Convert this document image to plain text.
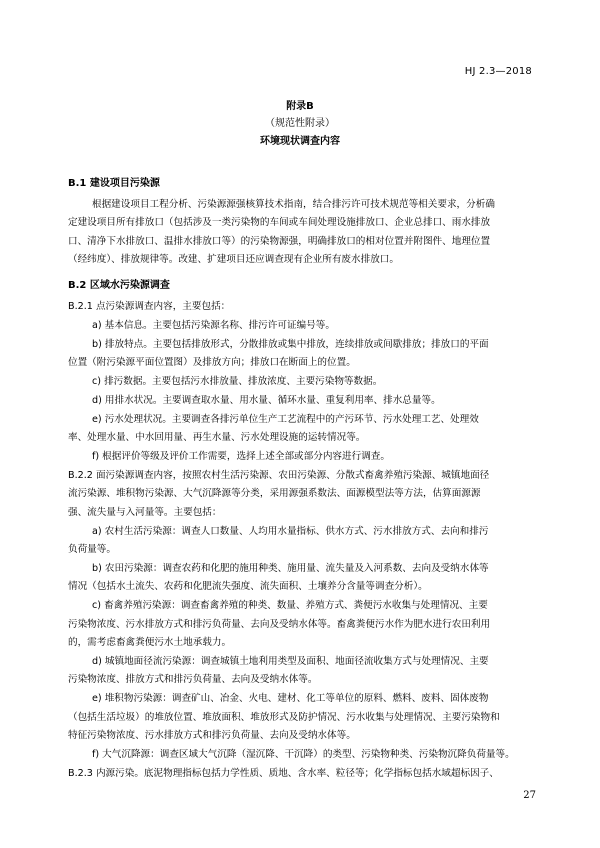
HJ 2.3—2018
附录B
（规范性附录）
环境现状调查内容
B.1 建设项目污染源
根据建设项目工程分析、污染源源强核算技术指南，结合排污许可技术规范等相关要求，分析确
定建设项目所有排放口（包括涉及一类污染物的车间或车间处理设施排放口、企业总排口、雨水排放
口、清净下水排放口、温排水排放口等）的污染物源强，明确排放口的相对位置并附图件、地理位置
（经纬度）、排放规律等。改建、扩建项目还应调查现有企业所有废水排放口。
B.2 区域水污染源调查
B.2.1 点污染源调查内容，主要包括：
a) 基本信息。主要包括污染源名称、排污许可证编号等。
b) 排放特点。主要包括排放形式，分散排放或集中排放，连续排放或间歇排放；排放口的平面
位置（附污染源平面位置图）及排放方向；排放口在断面上的位置。
c) 排污数据。主要包括污水排放量、排放浓度、主要污染物等数据。
d) 用排水状况。主要调查取水量、用水量、循环水量、重复利用率、排水总量等。
e) 污水处理状况。主要调查各排污单位生产工艺流程中的产污环节、污水处理工艺、处理效
率、处理水量、中水回用量、再生水量、污水处理设施的运转情况等。
f) 根据评价等级及评价工作需要，选择上述全部或部分内容进行调查。
B.2.2 面污染源调查内容，按照农村生活污染源、农田污染源、分散式畜禽养殖污染源、城镇地面径
流污染源、堆积物污染源、大气沉降源等分类，采用源强系数法、面源模型法等方法，估算面源源
强、流失量与入河量等。主要包括：
a) 农村生活污染源：调查人口数量、人均用水量指标、供水方式、污水排放方式、去向和排污
负荷量等。
b) 农田污染源：调查农药和化肥的施用种类、施用量、流失量及入河系数、去向及受纳水体等
情况（包括水土流失、农药和化肥流失强度、流失面积、土壤养分含量等调查分析）。
c) 畜禽养殖污染源：调查畜禽养殖的种类、数量、养殖方式、粪便污水收集与处理情况、主要
污染物浓度、污水排放方式和排污负荷量、去向及受纳水体等。畜禽粪便污水作为肥水进行农田利用
的，需考虑畜禽粪便污水土地承载力。
d) 城镇地面径流污染源：调查城镇土地利用类型及面积、地面径流收集方式与处理情况、主要
污染物浓度、排放方式和排污负荷量、去向及受纳水体等。
e) 堆积物污染源：调查矿山、冶金、火电、建材、化工等单位的原料、燃料、废料、固体废物
（包括生活垃圾）的堆放位置、堆放面积、堆放形式及防护情况、污水收集与处理情况、主要污染物和
特征污染物浓度、污水排放方式和排污负荷量、去向及受纳水体等。
f) 大气沉降源：调查区域大气沉降（湿沉降、干沉降）的类型、污染物种类、污染物沉降负荷量等。
B.2.3 内源污染。底泥物理指标包括力学性质、质地、含水率、粒径等；化学指标包括水域超标因子、
27
